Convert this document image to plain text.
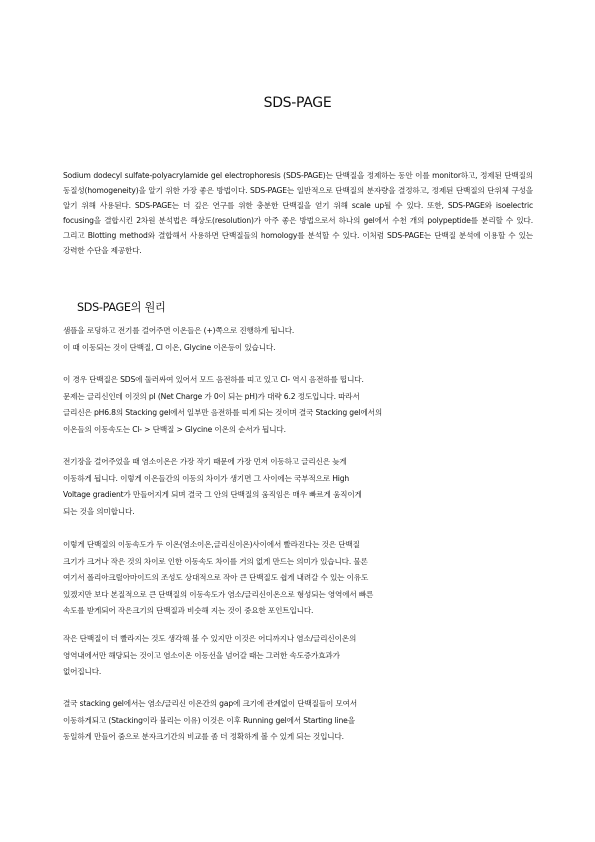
SDS-PAGE
Sodium dodecyl sulfate-polyacrylamide gel electrophoresis (SDS-PAGE)는 단백질을 정제하는 동안 이를 monitor하고, 정제된 단백질의 동질성(homogeneity)을 알기 위한 가장 좋은 방법이다. SDS-PAGE는 일반적으로 단백질의 분자량을 결정하고, 정제된 단백질의 단위체 구성을 알기 위해 사용된다. SDS-PAGE는 더 깊은 연구를 위한 충분한 단백질을 얻기 위해 scale up될 수 있다. 또한, SDS-PAGE와 isoelectric focusing을 결합시킨 2차원 분석법은 해상도(resolution)가 아주 좋은 방법으로서 하나의 gel에서 수천 개의 polypeptide를 분리할 수 있다.그리고 Blotting method와 결합해서 사용하면 단백질들의 homology를 분석할 수 있다. 이처럼 SDS-PAGE는 단백질 분석에 이용할 수 있는 강력한 수단을 제공한다.
SDS-PAGE의 원리

샘플을 로딩하고 전기를 걸어주면 이온들은 (+)쪽으로 진행하게 됩니다.

이 때 이동되는 것이 단백질, Cl 이온, Glycine 이온등이 있습니다.

이 경우 단백질은 SDS에 둘러싸여 있어서 모드 음전하를 띠고 있고 Cl- 역시 음전하를 띱니다.

문제는 글리신인데 이것의 pI (Net Charge 가 0이 되는 pH)가 대략 6.2 정도입니다. 따라서

글리신은 pH6.8의 Stacking gel에서 일부만 음전하를 띠게 되는 것이며 결국 Stacking gel에서의

이온들의 이동속도는 Cl- > 단백질 > Glycine 이온의 순서가 됩니다.

전기장을 걸어주었을 때 염소이온은 가장 작기 때문에 가장 먼저 이동하고 글리신은 늦게

이동하게 됩니다. 이렇게 이온들간의 이동의 차이가 생기면 그 사이에는 국부적으로 High

Voltage gradient가 만들어지게 되며 결국 그 안의 단백질의 움직임은 매우 빠르게 움직이게

되는 것을 의미합니다.

이렇게 단백질의 이동속도가 두 이온(염소이온,글리신이온)사이에서 빨라진다는 것은 단백질

크기가 크거나 작은 것의 차이로 인한 이동속도 차이를 거의 없게 만드는 의미가 있습니다. 물론

여기서 폴리아크릴아마이드의 조성도 상대적으로 작아 큰 단백질도 쉽게 내려갈 수 있는 이유도

있겠지만 보다 본질적으로 큰 단백질의 이동속도가 염소/글리신이온으로 형성되는 영역에서 빠른

속도를 받게되어 작은크기의 단백질과 비슷해 지는 것이 중요한 포인트입니다.

작은 단백질이 더 빨라지는 것도 생각해 볼 수 있지만 이것은 어디까지나 염소/글리신이온의

영역내에서만 해당되는 것이고 염소이온 이동선을 넘어갈 때는 그러한 속도증가효과가

없어집니다.

결국 stacking gel에서는 염소/글리신 이온간의 gap에 크기에 관계없이 단백질들이 모여서

이동하게되고 (Stacking이라 불리는 이유) 이것은 이후 Running gel에서 Starting line을

동일하게 만들어 줌으로 분자크기간의 비교를 좀 더 정확하게 볼 수 있게 되는 것입니다.
